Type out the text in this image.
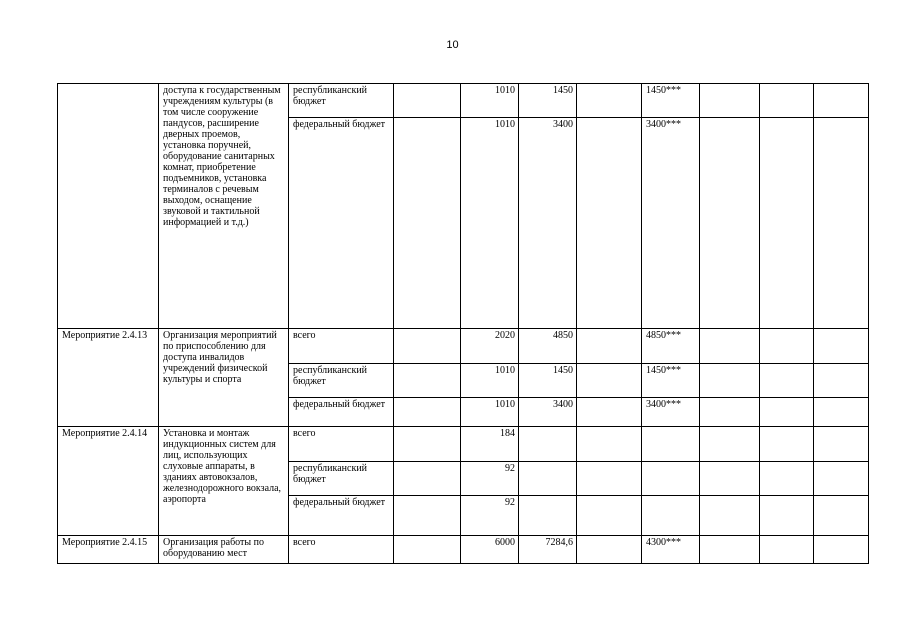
10
	доступа к государственным учреждениям культуры (в том числе сооружение пандусов, расширение дверных проемов, установка поручней, оборудование санитарных комнат, приобретение подъемников, установка терминалов с речевым выходом, оснащение звуковой и тактильной информацией и т.д.)	республиканский бюджет		1010	1450		1450***			
		федеральный бюджет		1010	3400		3400***			
Мероприятие 2.4.13	Организация мероприятий по приспособлению для доступа инвалидов учреждений физической культуры и спорта	всего		2020	4850		4850***			
		республиканский бюджет		1010	1450		1450***			
		федеральный бюджет		1010	3400		3400***			
Мероприятие 2.4.14	Установка и монтаж индукционных систем для лиц, использующих слуховые аппараты, в зданиях автовокзалов, железнодорожного вокзала, аэропорта	всего		184						
		республиканский бюджет		92						
		федеральный бюджет		92						
Мероприятие 2.4.15	Организация работы по оборудованию мест	всего		6000	7284,6		4300***			
